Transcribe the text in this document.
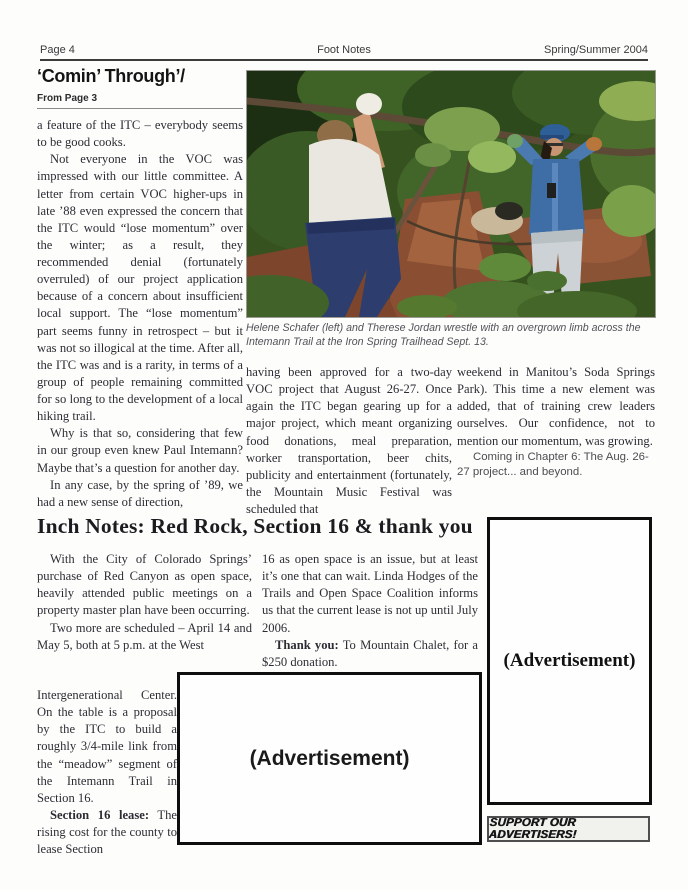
Page 4	Foot Notes	Spring/Summer 2004
‘Comin’ Through’/
From Page 3

a feature of the ITC – everybody seems to be good cooks.

Not everyone in the VOC was impressed with our little committee. A letter from certain VOC higher-ups in late ’88 even expressed the concern that the ITC would “lose momentum” over the winter; as a result, they recommended denial (fortunately overruled) of our project application because of a concern about insufficient local support. The “lose momentum” part seems funny in retrospect – but it was not so illogical at the time. After all, the ITC was and is a rarity, in terms of a group of people remaining committed for so long to the development of a local hiking trail.

Why is that so, considering that few in our group even knew Paul Intemann? Maybe that’s a question for another day.

In any case, by the spring of ’89, we had a new sense of direction,

Helene Schafer (left) and Therese Jordan wrestle with an overgrown limb across the Intemann Trail at the Iron Spring Trailhead Sept. 13.

having been approved for a two-day VOC project that August 26-27. Once again the ITC began gearing up for a major project, which meant organizing food donations, meal preparation, worker transportation, beer chits, publicity and entertainment (fortunately, the Mountain Music Festival was scheduled that

weekend in Manitou’s Soda Springs Park). This time a new element was added, that of training crew leaders ourselves. Our confidence, not to mention our momentum, was growing.

Coming in Chapter 6: The Aug. 26-27 project... and beyond.

Inch Notes: Red Rock, Section 16 & thank you

With the City of Colorado Springs’ purchase of Red Canyon as open space, heavily attended public meetings on a property master plan have been occurring.

Two more are scheduled – April 14 and May 5, both at 5 p.m. at the West

Intergenerational Center. On the table is a proposal by the ITC to build a roughly 3/4-mile link from the “meadow” segment of the Intemann Trail in Section 16.

Section 16 lease: The rising cost for the county to lease Section

16 as open space is an issue, but at least it’s one that can wait. Linda Hodges of the Trails and Open Space Coalition informs us that the current lease is not up until July 2006.

Thank you: To Mountain Chalet, for a $250 donation.

(Advertisement)
(Advertisement)
SUPPORT OUR ADVERTISERS!
